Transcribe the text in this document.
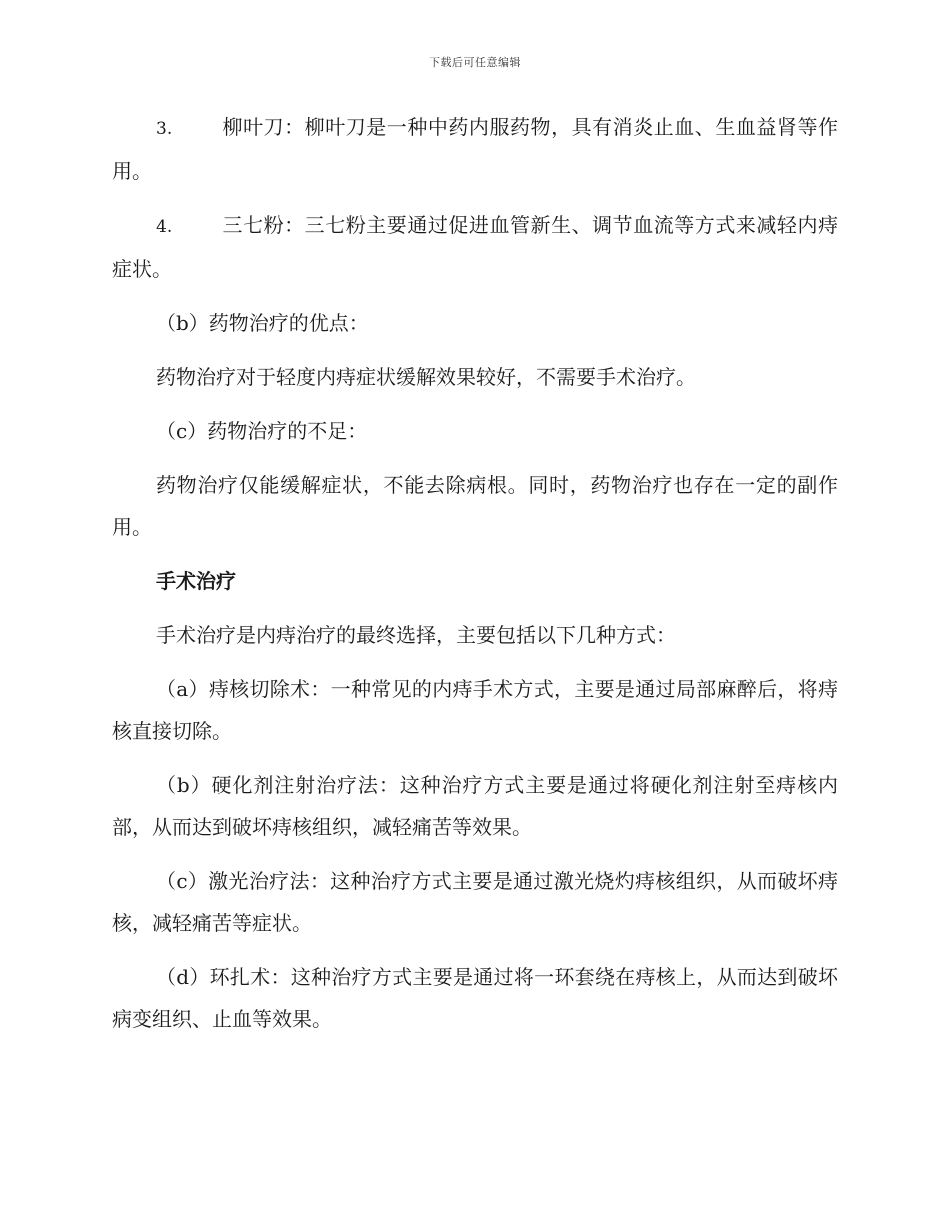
下载后可任意编辑

3. 柳叶刀：柳叶刀是一种中药内服药物，具有消炎止血、生血益肾等作用。

4. 三七粉：三七粉主要通过促进血管新生、调节血流等方式来减轻内痔症状。

（b）药物治疗的优点：

药物治疗对于轻度内痔症状缓解效果较好，不需要手术治疗。

（c）药物治疗的不足：

药物治疗仅能缓解症状，不能去除病根。同时，药物治疗也存在一定的副作用。

手术治疗

手术治疗是内痔治疗的最终选择，主要包括以下几种方式：

（a）痔核切除术：一种常见的内痔手术方式，主要是通过局部麻醉后，将痔核直接切除。

（b）硬化剂注射治疗法：这种治疗方式主要是通过将硬化剂注射至痔核内部，从而达到破坏痔核组织，减轻痛苦等效果。

（c）激光治疗法：这种治疗方式主要是通过激光烧灼痔核组织，从而破坏痔核，减轻痛苦等症状。

（d）环扎术：这种治疗方式主要是通过将一环套绕在痔核上，从而达到破坏病变组织、止血等效果。
